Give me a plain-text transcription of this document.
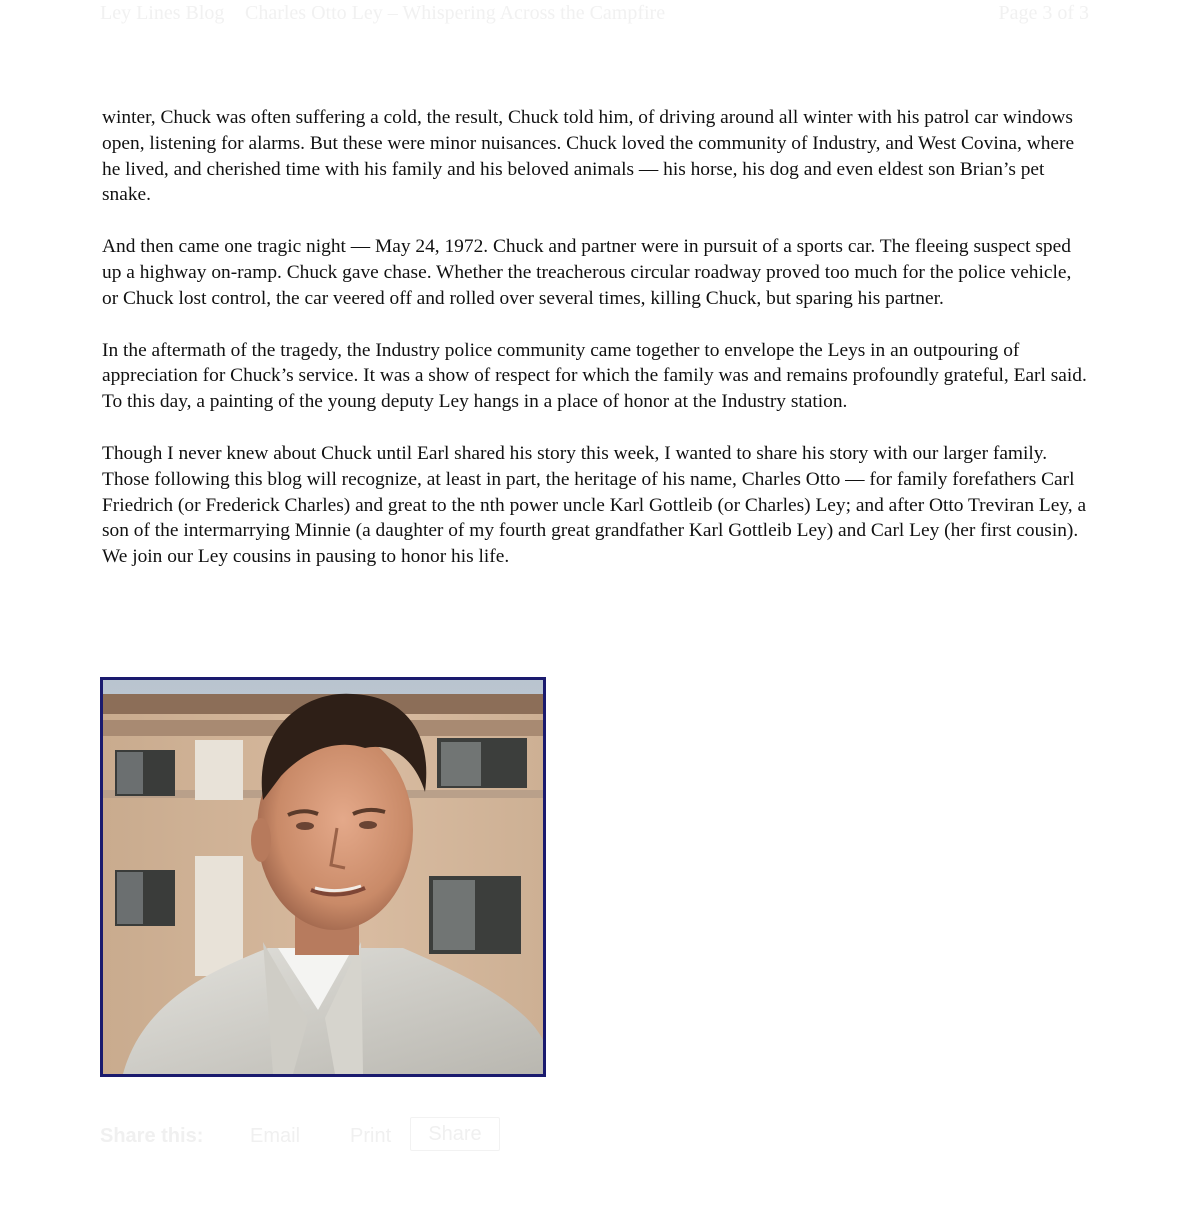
Ley Lines Blog Charles Otto Ley – Whispering Across the Campfire	Page 3 of 3

winter, Chuck was often suffering a cold, the result, Chuck told him, of driving around all winter with his patrol car windows open, listening for alarms. But these were minor nuisances. Chuck loved the community of Industry, and West Covina, where he lived, and cherished time with his family and his beloved animals — his horse, his dog and even eldest son Brian’s pet snake.

And then came one tragic night — May 24, 1972. Chuck and partner were in pursuit of a sports car. The fleeing suspect sped up a highway on-ramp. Chuck gave chase. Whether the treacherous circular roadway proved too much for the police vehicle, or Chuck lost control, the car veered off and rolled over several times, killing Chuck, but sparing his partner.

In the aftermath of the tragedy, the Industry police community came together to envelope the Leys in an outpouring of appreciation for Chuck’s service. It was a show of respect for which the family was and remains profoundly grateful, Earl said. To this day, a painting of the young deputy Ley hangs in a place of honor at the Industry station.

Though I never knew about Chuck until Earl shared his story this week, I wanted to share his story with our larger family. Those following this blog will recognize, at least in part, the heritage of his name, Charles Otto — for family forefathers Carl Friedrich (or Frederick Charles) and great to the nth power uncle Karl Gottleib (or Charles) Ley; and after Otto Treviran Ley, a son of the intermarrying Minnie (a daughter of my fourth great grandfather Karl Gottleib Ley) and Carl Ley (her first cousin). We join our Ley cousins in pausing to honor his life.

Share this: Email Print	Share
